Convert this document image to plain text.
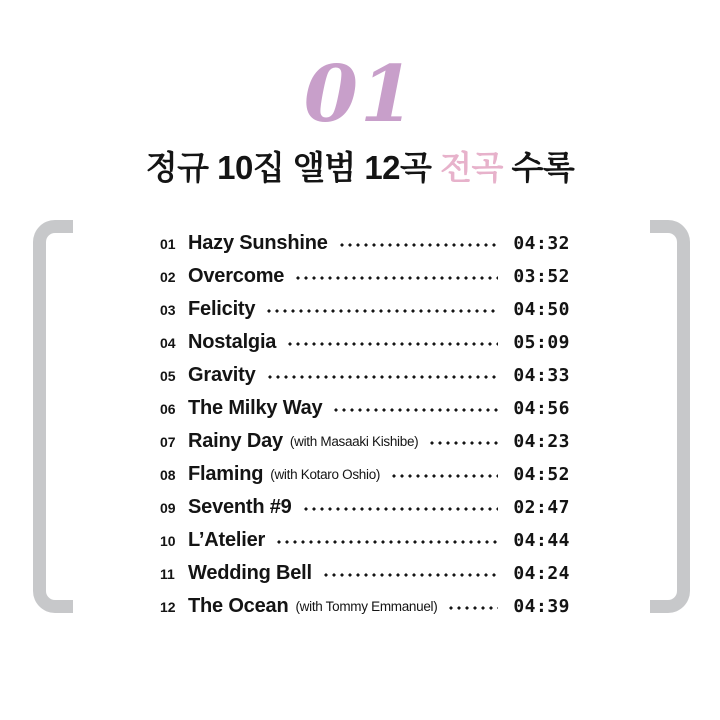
01
정규 10집 앨범 12곡 전곡 수록
01 Hazy Sunshine	04:32
02 Overcome	03:52
03 Felicity	04:50
04 Nostalgia	05:09
05 Gravity	04:33
06 The Milky Way	04:56
07 Rainy Day (with Masaaki Kishibe)	04:23
08 Flaming (with Kotaro Oshio)	04:52
09 Seventh #9	02:47
10 L’Atelier	04:44
11 Wedding Bell	04:24
12 The Ocean (with Tommy Emmanuel)	04:39
